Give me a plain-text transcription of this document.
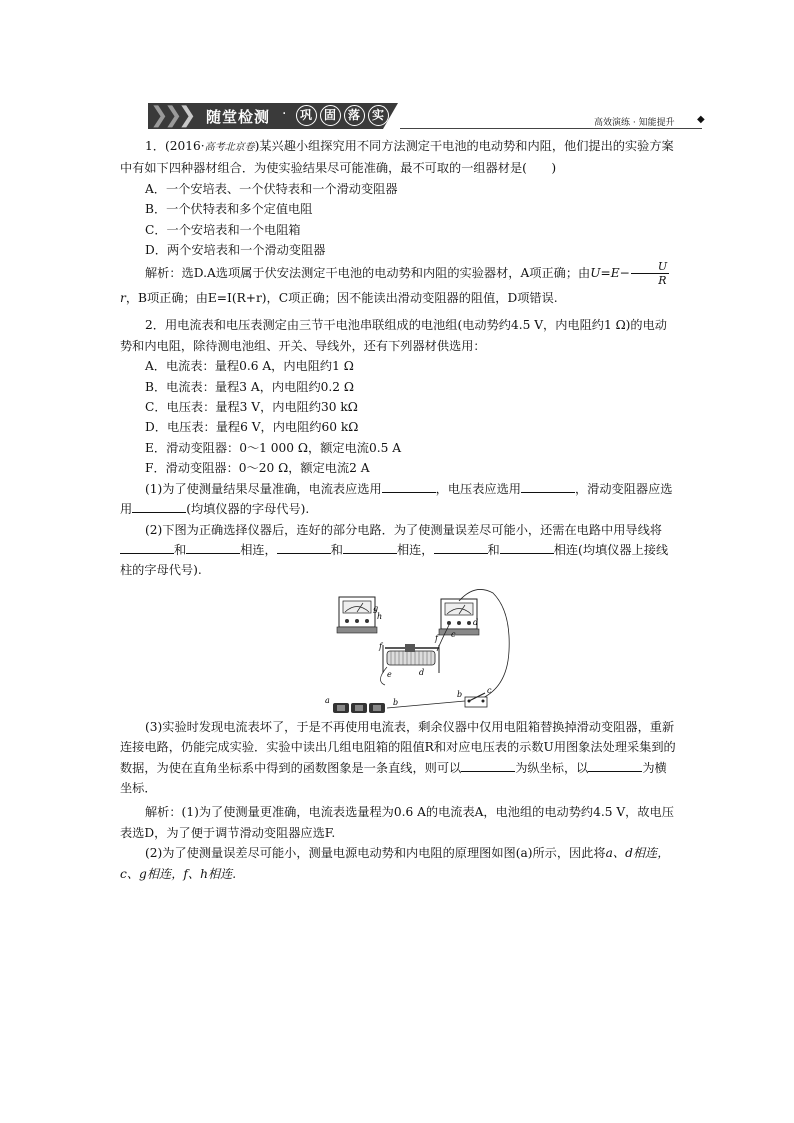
❯
❯
❯ 随堂检测 ·	巩 固 落 实
高效演练 · 知能提升 ◆

1．(2016·高考北京卷)某兴趣小组探究用不同方法测定干电池的电动势和内阻，他们提出的实验方案中有如下四种器材组合．为使实验结果尽可能准确，最不可取的一组器材是(　　)

A．一个安培表、一个伏特表和一个滑动变阻器

B．一个伏特表和多个定值电阻

C．一个安培表和一个电阻箱

D．两个安培表和一个滑动变阻器

解析：选D.A选项属于伏安法测定干电池的电动势和内阻的实验器材，A项正确；由$U=E- \frac{U}{R}$
r，B项正确；由E=I(R+r)，C项正确；因不能读出滑动变阻器的阻值，D项错误.

2．用电流表和电压表测定由三节干电池串联组成的电池组(电动势约4.5 V，内电阻约1 Ω)的电动势和内电阻，除待测电池组、开关、导线外，还有下列器材供选用：

A．电流表：量程0.6 A，内电阻约1 Ω

B．电流表：量程3 A，内电阻约0.2 Ω

C．电压表：量程3 V，内电阻约30 kΩ

D．电压表：量程6 V，内电阻约60 kΩ

E．滑动变阻器：0～1 000 Ω，额定电流0.5 A

F．滑动变阻器：0～20 Ω，额定电流2 A

(1)为了使测量结果尽量准确，电流表应选用	，电压表应选用	，滑动变阻器应选用	(均填仪器的字母代号).

(2)下图为正确选择仪器后，连好的部分电路．为了使测量误差尽可能小，还需在电路中用导线将和	相连，	和	相连，	和	相连(均填仪器上接线柱的字母代号).

g
h
c
d
f
f
e	d
a	b
b	c

(3)实验时发现电流表坏了，于是不再使用电流表，剩余仪器中仅用电阻箱替换掉滑动变阻器，重新连接电路，仍能完成实验．实验中读出几组电阻箱的阻值R和对应电压表的示数U用图象法处理采集到的数据，为使在直角坐标系中得到的函数图象是一条直线，则可以	为纵坐标，以	为横坐标．

解析：(1)为了使测量更准确，电流表选量程为0.6 A的电流表A，电池组的电动势约4.5 V，故电压表选D，为了便于调节滑动变阻器应选F.

(2)为了使测量误差尽可能小，测量电源电动势和内电阻的原理图如图(a)所示，因此将a、d相连，c、g相连，f、h相连.
